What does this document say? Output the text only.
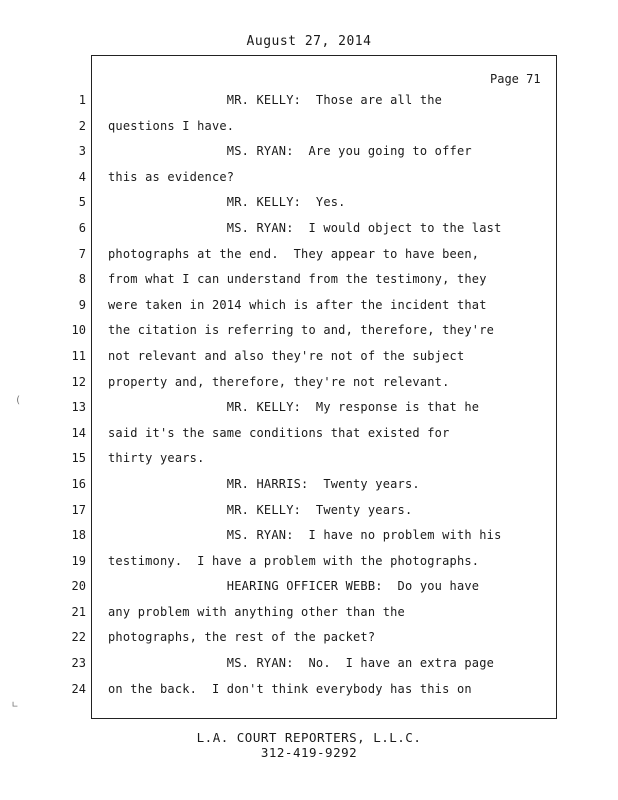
August 27, 2014
Page 71
1
2
3
4
5
6
7
8
9
10
11
12
13
14
15
16
17
18
19
20
21
22
23
24
MR. KELLY:  Those are all the
questions I have.
MS. RYAN:  Are you going to offer
this as evidence?
MR. KELLY:  Yes.
MS. RYAN:  I would object to the last
photographs at the end.  They appear to have been,
from what I can understand from the testimony, they
were taken in 2014 which is after the incident that
the citation is referring to and, therefore, they're
not relevant and also they're not of the subject
property and, therefore, they're not relevant.
MR. KELLY:  My response is that he
said it's the same conditions that existed for
thirty years.
MR. HARRIS:  Twenty years.
MR. KELLY:  Twenty years.
MS. RYAN:  I have no problem with his
testimony.  I have a problem with the photographs.
HEARING OFFICER WEBB:  Do you have
any problem with anything other than the
photographs, the rest of the packet?
MS. RYAN:  No.  I have an extra page
on the back.  I don't think everybody has this on
L.A. COURT REPORTERS, L.L.C.
312-419-9292
(
∟
